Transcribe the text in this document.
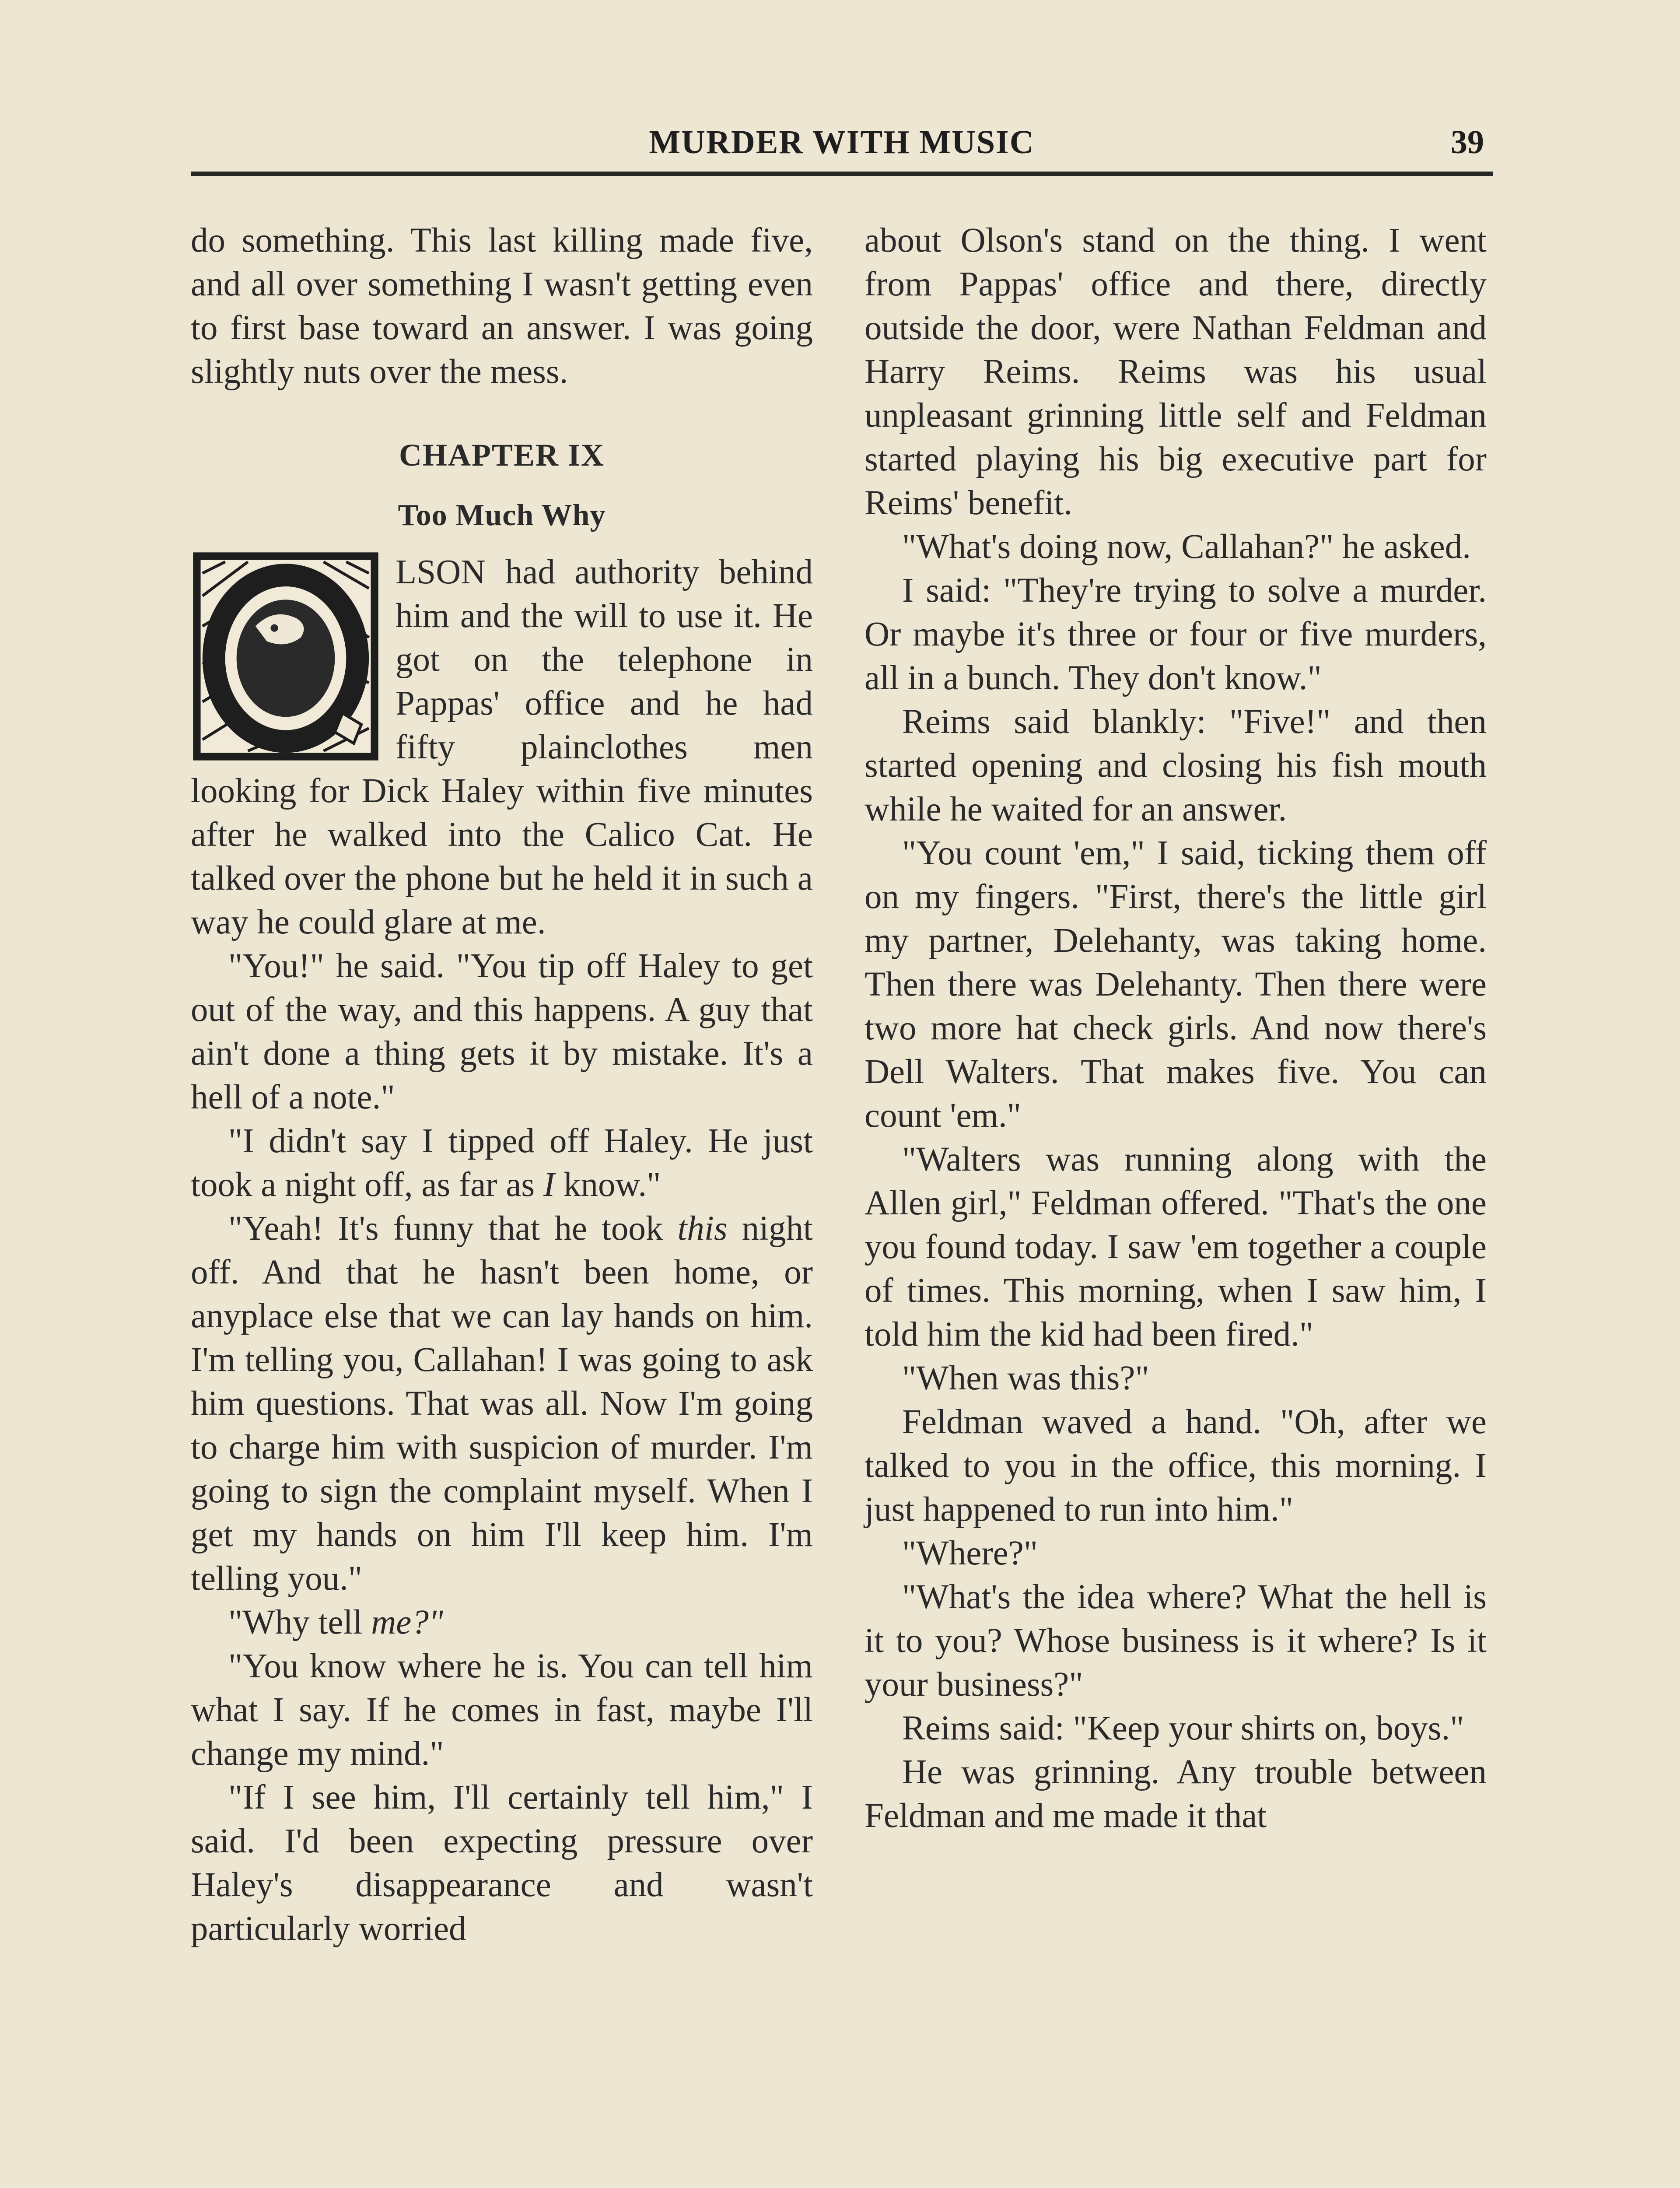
MURDER WITH MUSIC	39

do something. This last killing made five, and all over something I wasn't getting even to first base toward an answer. I was going slightly nuts over the mess.

CHAPTER IX
Too Much Why

LSON had authority behind him and the will to use it. He got on the telephone in Pappas' office and he had fifty plainclothes men looking for Dick Haley within five minutes after he walked into the Calico Cat. He talked over the phone but he held it in such a way he could glare at me.

"You!" he said. "You tip off Haley to get out of the way, and this happens. A guy that ain't done a thing gets it by mistake. It's a hell of a note."

"I didn't say I tipped off Haley. He just took a night off, as far as I know."

"Yeah! It's funny that he took this night off. And that he hasn't been home, or anyplace else that we can lay hands on him. I'm telling you, Callahan! I was going to ask him questions. That was all. Now I'm going to charge him with suspicion of murder. I'm going to sign the complaint myself. When I get my hands on him I'll keep him. I'm telling you."

"Why tell me?"

"You know where he is. You can tell him what I say. If he comes in fast, maybe I'll change my mind."

"If I see him, I'll certainly tell him," I said. I'd been expecting pressure over Haley's disappearance and wasn't particularly worried

about Olson's stand on the thing. I went from Pappas' office and there, directly outside the door, were Nathan Feldman and Harry Reims. Reims was his usual unpleasant grinning little self and Feldman started playing his big executive part for Reims' benefit.

"What's doing now, Callahan?" he asked.

I said: "They're trying to solve a murder. Or maybe it's three or four or five murders, all in a bunch. They don't know."

Reims said blankly: "Five!" and then started opening and closing his fish mouth while he waited for an answer.

"You count 'em," I said, ticking them off on my fingers. "First, there's the little girl my partner, Delehanty, was taking home. Then there was Delehanty. Then there were two more hat check girls. And now there's Dell Walters. That makes five. You can count 'em."

"Walters was running along with the Allen girl," Feldman offered. "That's the one you found today. I saw 'em together a couple of times. This morning, when I saw him, I told him the kid had been fired."

"When was this?"

Feldman waved a hand. "Oh, after we talked to you in the office, this morning. I just happened to run into him."

"Where?"

"What's the idea where? What the hell is it to you? Whose business is it where? Is it your business?"

Reims said: "Keep your shirts on, boys."

He was grinning. Any trouble between Feldman and me made it that
